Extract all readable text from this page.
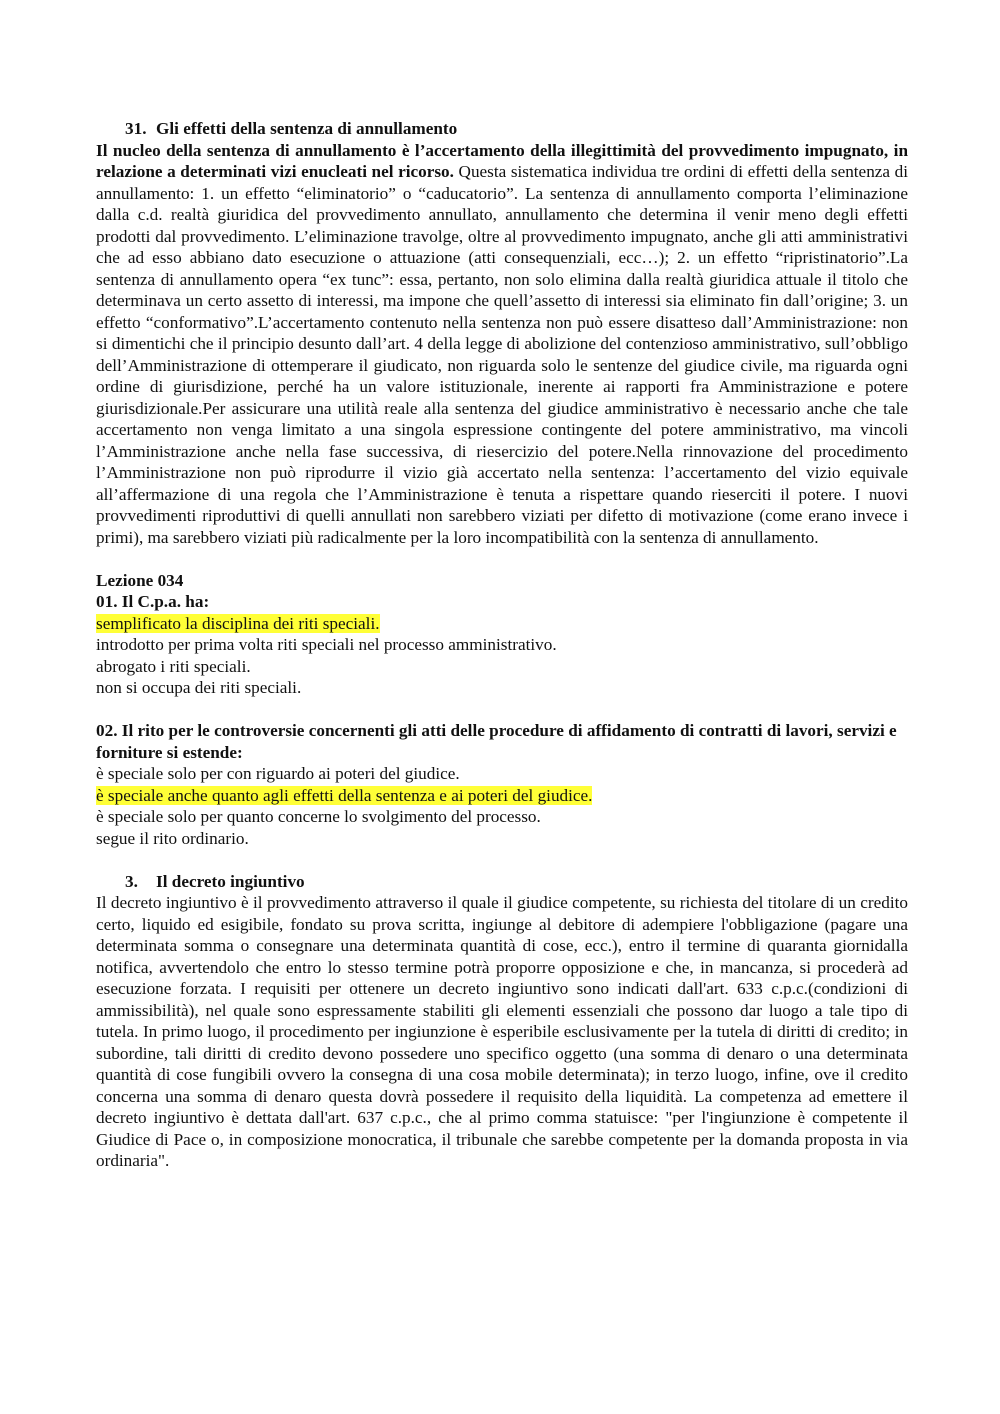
31. Gli effetti della sentenza di annullamento
Il nucleo della sentenza di annullamento è l’accertamento della illegittimità del provvedimento impugnato, in relazione a determinati vizi enucleati nel ricorso. Questa sistematica individua tre ordini di effetti della sentenza di annullamento: 1. un effetto “eliminatorio” o “caducatorio”. La sentenza di annullamento comporta l’eliminazione dalla c.d. realtà giuridica del provvedimento annullato, annullamento che determina il venir meno degli effetti prodotti dal provvedimento. L’eliminazione travolge, oltre al provvedimento impugnato, anche gli atti amministrativi che ad esso abbiano dato esecuzione o attuazione (atti consequenziali, ecc…); 2. un effetto “ripristinatorio”.La sentenza di annullamento opera “ex tunc”: essa, pertanto, non solo elimina dalla realtà giuridica attuale il titolo che determinava un certo assetto di interessi, ma impone che quell’assetto di interessi sia eliminato fin dall’origine; 3. un effetto “conformativo”.L’accertamento contenuto nella sentenza non può essere disatteso dall’Amministrazione: non si dimentichi che il principio desunto dall’art. 4 della legge di abolizione del contenzioso amministrativo, sull’obbligo dell’Amministrazione di ottemperare il giudicato, non riguarda solo le sentenze del giudice civile, ma riguarda ogni ordine di giurisdizione, perché ha un valore istituzionale, inerente ai rapporti fra Amministrazione e potere giurisdizionale.Per assicurare una utilità reale alla sentenza del giudice amministrativo è necessario anche che tale accertamento non venga limitato a una singola espressione contingente del potere amministrativo, ma vincoli l’Amministrazione anche nella fase successiva, di riesercizio del potere.Nella rinnovazione del procedimento l’Amministrazione non può riprodurre il vizio già accertato nella sentenza: l’accertamento del vizio equivale all’affermazione di una regola che l’Amministrazione è tenuta a rispettare quando rieserciti il potere. I nuovi provvedimenti riproduttivi di quelli annullati non sarebbero viziati per difetto di motivazione (come erano invece i primi), ma sarebbero viziati più radicalmente per la loro incompatibilità con la sentenza di annullamento.
Lezione 034
01. Il C.p.a. ha:
semplificato la disciplina dei riti speciali.
introdotto per prima volta riti speciali nel processo amministrativo.
abrogato i riti speciali.
non si occupa dei riti speciali.
02. Il rito per le controversie concernenti gli atti delle procedure di affidamento di contratti di lavori, servizi e forniture si estende:
è speciale solo per con riguardo ai poteri del giudice.
è speciale anche quanto agli effetti della sentenza e ai poteri del giudice.
è speciale solo per quanto concerne lo svolgimento del processo.
segue il rito ordinario.
3. Il decreto ingiuntivo
Il decreto ingiuntivo è il provvedimento attraverso il quale il giudice competente, su richiesta del titolare di un credito certo, liquido ed esigibile, fondato su prova scritta, ingiunge al debitore di adempiere l'obbligazione (pagare una determinata somma o consegnare una determinata quantità di cose, ecc.), entro il termine di quaranta giornidalla notifica, avvertendolo che entro lo stesso termine potrà proporre opposizione e che, in mancanza, si procederà ad esecuzione forzata. I requisiti per ottenere un decreto ingiuntivo sono indicati dall'art. 633 c.p.c.(condizioni di ammissibilità), nel quale sono espressamente stabiliti gli elementi essenziali che possono dar luogo a tale tipo di tutela. In primo luogo, il procedimento per ingiunzione è esperibile esclusivamente per la tutela di diritti di credito; in subordine, tali diritti di credito devono possedere uno specifico oggetto (una somma di denaro o una determinata quantità di cose fungibili ovvero la consegna di una cosa mobile determinata); in terzo luogo, infine, ove il credito concerna una somma di denaro questa dovrà possedere il requisito della liquidità. La competenza ad emettere il decreto ingiuntivo è dettata dall'art. 637 c.p.c., che al primo comma statuisce: "per l'ingiunzione è competente il Giudice di Pace o, in composizione monocratica, il tribunale che sarebbe competente per la domanda proposta in via ordinaria".
